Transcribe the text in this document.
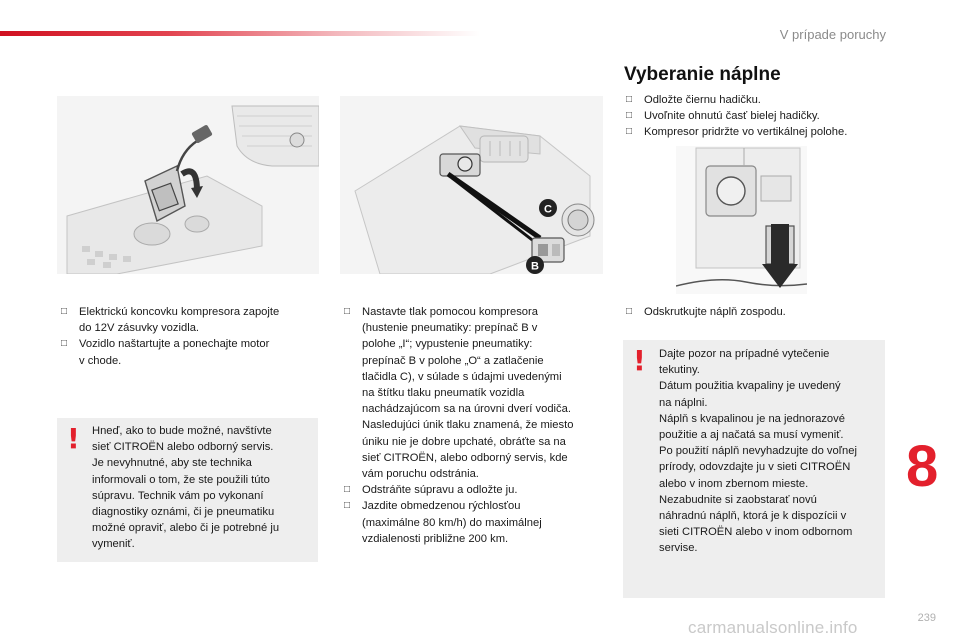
V prípade poruchy
C
B
Vyberanie náplne
□ Odložte čiernu hadičku.
□ Uvoľnite ohnutú časť bielej hadičky.
□ Kompresor pridržte vo vertikálnej polohe.
□ Odskrutkujte náplň zospodu.
! Dajte pozor na prípadné vytečenie
tekutiny.
Dátum použitia kvapaliny je uvedený
na náplni.
Náplň s kvapalinou je na jednorazové
použitie a aj načatá sa musí vymeniť.
Po použití náplň nevyhadzujte do voľnej
prírody, odovzdajte ju v sieti CITROËN
alebo v inom zbernom mieste.
Nezabudnite si zaobstarať novú
náhradnú náplň, ktorá je k dispozícii v
sieti CITROËN alebo v inom odbornom
servise.

□ Elektrickú koncovku kompresora zapojte
do 12V zásuvky vozidla.
□ Vozidlo naštartujte a ponechajte motor
v chode.
! Hneď, ako to bude možné, navštívte
sieť CITROËN alebo odborný servis.
Je nevyhnutné, aby ste technika
informovali o tom, že ste použili túto
súpravu. Technik vám po vykonaní
diagnostiky oznámi, či je pneumatiku
možné opraviť, alebo či je potrebné ju
vymeniť.

□ Nastavte tlak pomocou kompresora
(hustenie pneumatiky: prepínač B v
polohe „I“; vypustenie pneumatiky:
prepínač B v polohe „O“ a zatlačenie
tlačidla C), v súlade s údajmi uvedenými
na štítku tlaku pneumatík vozidla
nachádzajúcom sa na úrovni dverí vodiča.
Nasledujúci únik tlaku znamená, že miesto
úniku nie je dobre upchaté, obráťte sa na
sieť CITROËN, alebo odborný servis, kde
vám poruchu odstránia.
□ Odstráňte súpravu a odložte ju.
□ Jazdite obmedzenou rýchlosťou
(maximálne 80 km/h) do maximálnej
vzdialenosti približne 200 km.
8
carmanualsonline.info	239
